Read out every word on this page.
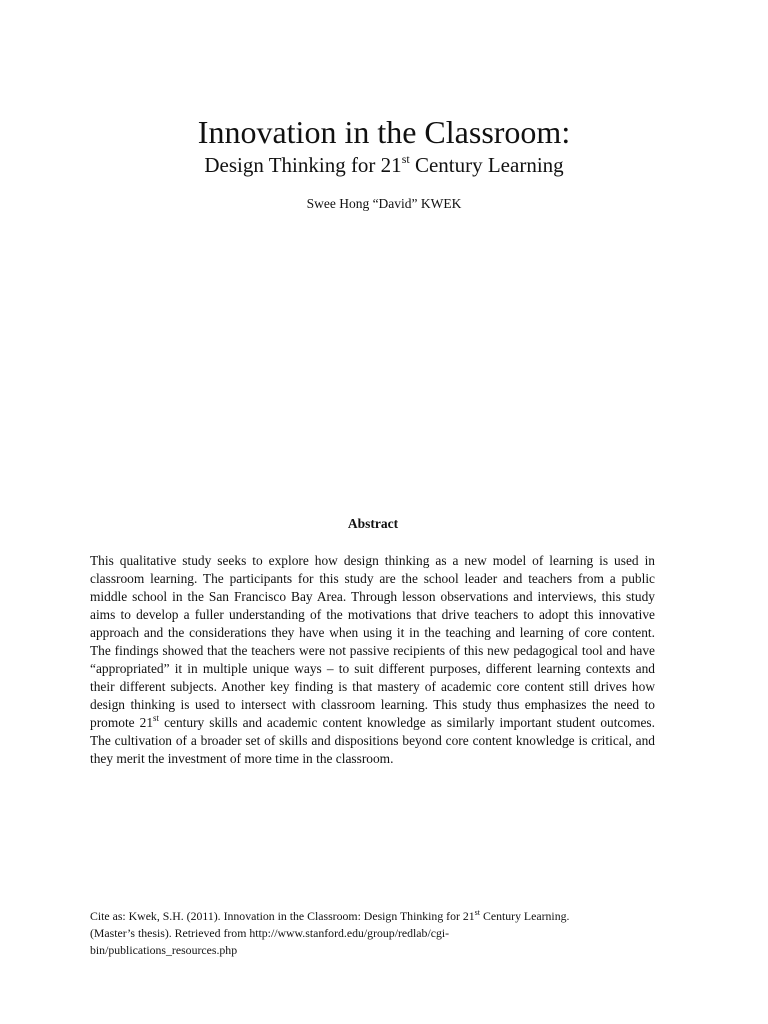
Innovation in the Classroom:
Design Thinking for 21st Century Learning
Swee Hong “David” KWEK
Abstract

This qualitative study seeks to explore how design thinking as a new model of learning is used in classroom learning. The participants for this study are the school leader and teachers from a public middle school in the San Francisco Bay Area. Through lesson observations and interviews, this study aims to develop a fuller understanding of the motivations that drive teachers to adopt this innovative approach and the considerations they have when using it in the teaching and learning of core content. The findings showed that the teachers were not passive recipients of this new pedagogical tool and have “appropriated” it in multiple unique ways – to suit different purposes, different learning contexts and their different subjects. Another key finding is that mastery of academic core content still drives how design thinking is used to intersect with classroom learning. This study thus emphasizes the need to promote 21st century skills and academic content knowledge as similarly important student outcomes. The cultivation of a broader set of skills and dispositions beyond core content knowledge is critical, and they merit the investment of more time in the classroom.

Cite as: Kwek, S.H. (2011). Innovation in the Classroom: Design Thinking for 21st Century Learning. (Master’s thesis). Retrieved from http://www.stanford.edu/group/redlab/cgi-bin/publications_resources.php
